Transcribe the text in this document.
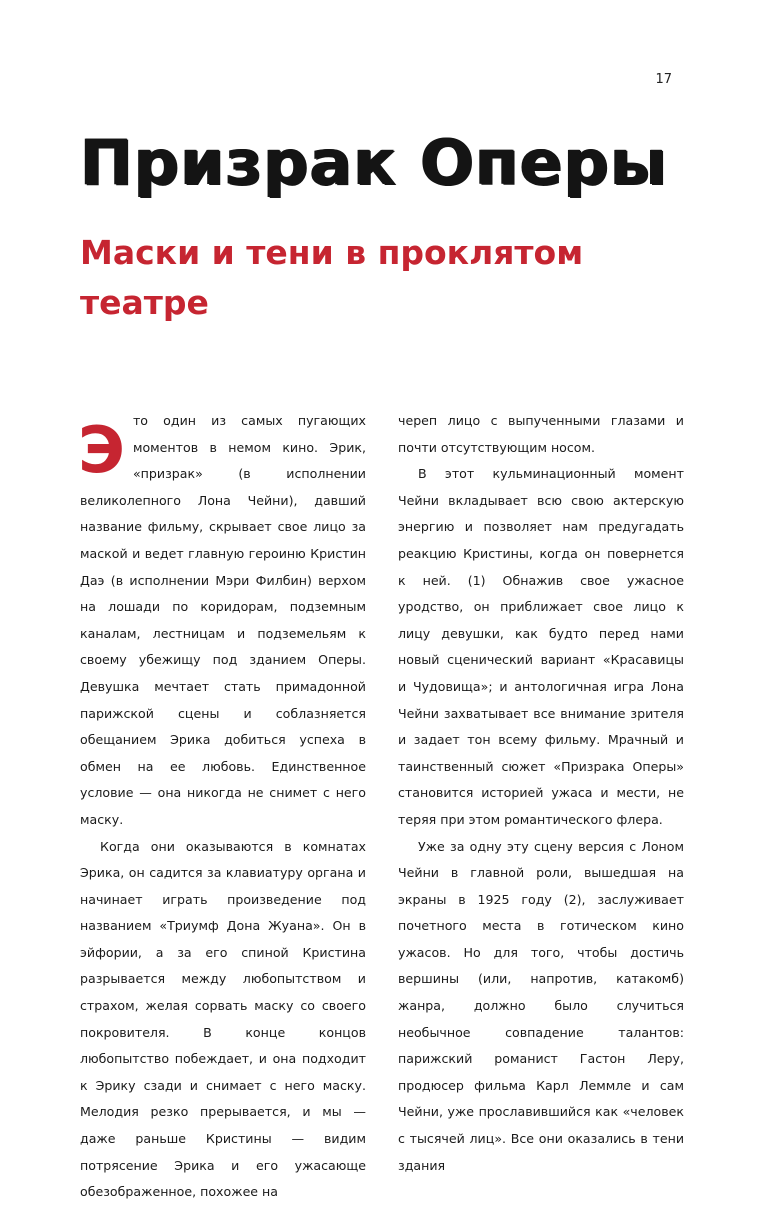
17
Призрак Оперы
Маски и тени в проклятом театре

Это один из самых пугающих моментов в немом кино. Эрик, «призрак» (в исполнении великолепного Лона Чейни), давший название фильму, скрывает свое лицо за маской и ведет главную героиню Кристин Даэ (в исполнении Мэри Филбин) верхом на лошади по коридорам, подземным каналам, лестницам и подземельям к своему убежищу под зданием Оперы. Девушка мечтает стать примадонной парижской сцены и соблазняется обещанием Эрика добиться успеха в обмен на ее любовь. Единственное условие — она никогда не снимет с него маску.

Когда они оказываются в комнатах Эрика, он садится за клавиатуру органа и начинает играть произведение под названием «Триумф Дона Жуана». Он в эйфории, а за его спиной Кристина разрывается между любопытством и страхом, желая сорвать маску со своего покровителя. В конце концов любопытство побеждает, и она подходит к Эрику сзади и снимает с него маску. Мелодия резко прерывается, и мы — даже раньше Кристины — видим потрясение Эрика и его ужасающе обезображенное, похожее на

череп лицо с выпученными глазами и почти отсутствующим носом.

В этот кульминационный момент Чейни вкладывает всю свою актерскую энергию и позволяет нам предугадать реакцию Кристины, когда он повернется к ней. (1) Обнажив свое ужасное уродство, он приближает свое лицо к лицу девушки, как будто перед нами новый сценический вариант «Красавицы и Чудовища»; и антологичная игра Лона Чейни захватывает все внимание зрителя и задает тон всему фильму. Мрачный и таинственный сюжет «Призрака Оперы» становится историей ужаса и мести, не теряя при этом романтического флера.

Уже за одну эту сцену версия с Лоном Чейни в главной роли, вышедшая на экраны в 1925 году (2), заслуживает почетного места в готическом кино ужасов. Но для того, чтобы достичь вершины (или, напротив, катакомб) жанра, должно было случиться необычное совпадение талантов: парижский романист Гастон Леру, продюсер фильма Карл Леммле и сам Чейни, уже прославившийся как «человек с тысячей лиц». Все они оказались в тени здания
